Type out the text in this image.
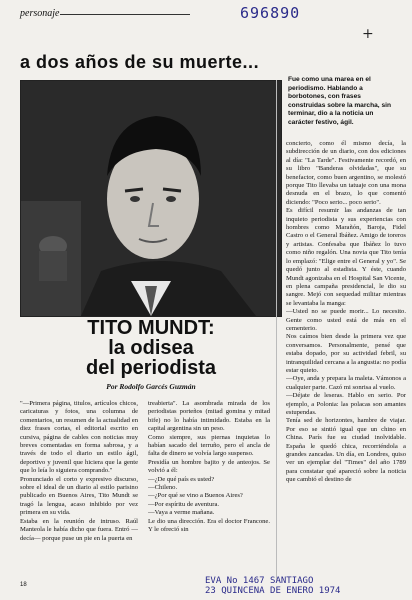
696890
+
personaje
a dos años de su muerte...
Fue como una marea en el periodismo. Hablando a borbotones, con frases construidas sobre la marcha, sin terminar, dio a la noticia un carácter festivo, ágil.
TITO MUNDT:
la odisea
del periodista
Por Rodolfo Garcés Guzmán
"—Primera página, titulos, artículos chicos, caricaturas y fotos, una columna de comentarios, un resumen de la actualidad en diez frases cortas, el editorial escrito en cursiva, página de cables con noticias muy breves comentadas en forma sabrosa, y a través de todo el diario un estilo ágil, deportivo y juvenil que hiciera que la gente que lo leía lo siguiera comprando."
Pronunciado el corto y expresivo discurso, sobre el ideal de un diario al estilo parisino publicado en Buenos Aires, Tito Mundt se tragó la lengua, acaso inhibido por vez primera en su vida.
Estaba en la reunión de intruso. Raúl Manteola le había dicho que fuera. Entró —decía— porque puse un pie en la puerta en
treabierta". La asombrada mirada de los periodistas porteños (mitad gomina y mitad bife) no lo había intimidado. Estaba en la capital argentina sin un peso.
Como siempre, sus piernas inquietas lo habían sacado del terruño, pero el ancla de falta de dinero se volvía largo suspenso.
Presidía un hombre bajito y de anteojos. Se volvió a él:
—¿De qué país es usted?
—Chileno.
—¿Por qué se vino a Buenos Aires?
—Por espíritu de aventura.
—Vaya a verme mañana.
Le dio una dirección. Era el doctor Francone. Y le ofreció sin
concierto, como él mismo decía, la subdirección de un diario, con dos ediciones al día: "La Tarde". Festivamente recordó, en su libro "Banderas olvidadas", que su benefactor, como buen argentino, se molestó porque Tito llevaba un tatuaje con una mona desnuda en el brazo, lo que comentó diciendo: "Poco serio... poco serio".
Es difícil resumir las andanzas de tan inquieto periodista y sus experiencias con hombres como Marañón, Baroja, Fidel Castro o el General Ibáñez. Amigo de toreros y artistas. Confesaba que Ibáñez lo tuvo como niño regalón. Una novia que Tito tenía lo emplazó: "Elige entre el General y yo". Se quedó junto al estadista. Y éste, cuando Mundt agonizaba en el Hospital San Vicente, en plena campaña presidencial, le dio su sangre. Mejó con sequedad militar mientras se levantaba la manga:
—Usted no se puede morir... Lo necesito. Gente como usted está de más en el cementerio.
Nos caímos bien desde la primera vez que conversamos. Personalmente, pensé que estaba dopado, por su actividad febril, su intranquilidad cercana a la angustia: no podía estar quieto.
—Oye, anda y prepara la maleta. Vámonos a cualquier parte. Cazó mi sonrisa al vuelo.
—Déjate de leseras. Hablo en serio. Por ejemplo, a Polonia: las polacas son amantes estupendas.
Tenía sed de horizontes, hambre de viajar. Por eso se sintió igual que un chino en China. París fue su ciudad inolvidable. España le quedó chica, recorriéndola a grandes zancadas. Un día, en Londres, quiso ver un ejemplar del "Times" del año 1789 para constatar qué apareció sobre la noticia que cambió el destino de
18	EVA No 1467 SANTIAGO
23 QUINCENA DE ENERO 1974
